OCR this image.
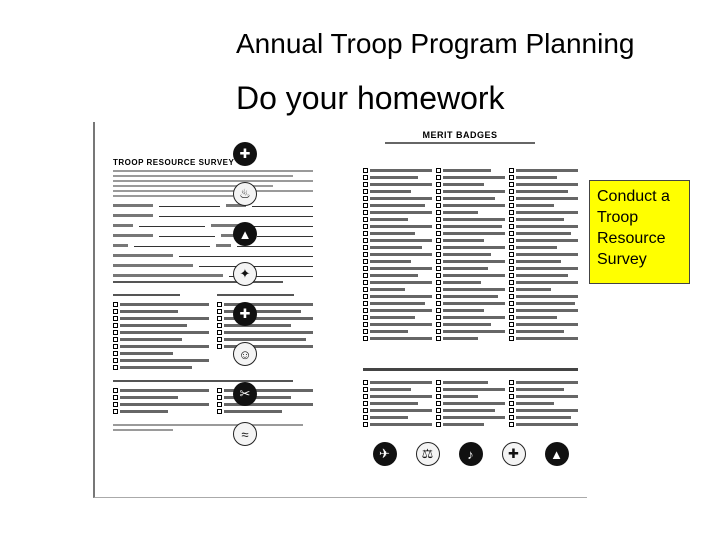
Annual Troop Program Planning
Do your homework
TROOP RESOURCE SURVEY
✚
♨
▲
✦
✚
☺
✂
≈
MERIT BADGES
✈	⚖	♪	✚	▲
Conduct a
Troop
Resource
Survey
